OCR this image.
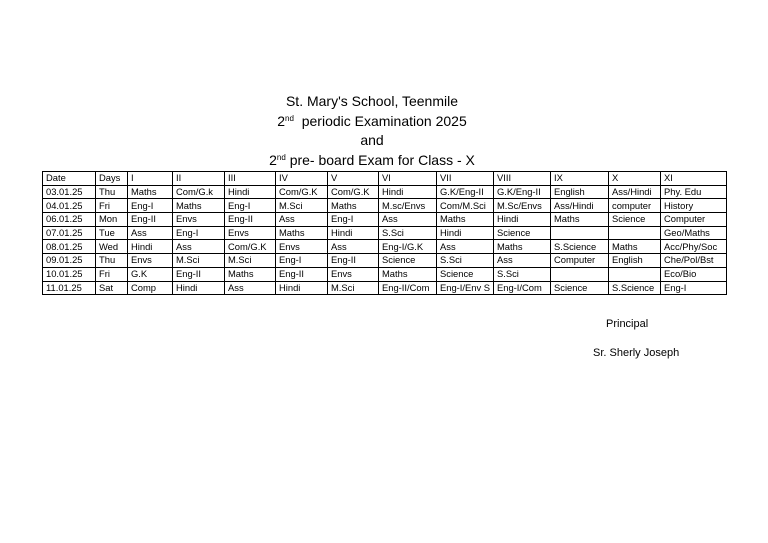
St. Mary's School, Teenmile
2nd  periodic Examination 2025
and
2nd pre- board Exam for Class - X
Date	Days	I	II	III	IV	V	VI	VII	VIII	IX	X	XI
03.01.25	Thu	Maths	Com/G.k	Hindi	Com/G.K	Com/G.K	Hindi	G.K/Eng-II	G.K/Eng-II	English	Ass/Hindi	Phy. Edu
04.01.25	Fri	Eng-I	Maths	Eng-I	M.Sci	Maths	M.sc/Envs	Com/M.Sci	M.Sc/Envs	Ass/Hindi	computer	History
06.01.25	Mon	Eng-II	Envs	Eng-II	Ass	Eng-I	Ass	Maths	Hindi	Maths	Science	Computer
07.01.25	Tue	Ass	Eng-I	Envs	Maths	Hindi	S.Sci	Hindi	Science			Geo/Maths
08.01.25	Wed	Hindi	Ass	Com/G.K	Envs	Ass	Eng-I/G.K	Ass	Maths	S.Science	Maths	Acc/Phy/Soc
09.01.25	Thu	Envs	M.Sci	M.Sci	Eng-I	Eng-II	Science	S.Sci	Ass	Computer	English	Che/Pol/Bst
10.01.25	Fri	G.K	Eng-II	Maths	Eng-II	Envs	Maths	Science	S.Sci			Eco/Bio
11.01.25	Sat	Comp	Hindi	Ass	Hindi	M.Sci	Eng-II/Com	Eng-I/Env S	Eng-I/Com	Science	S.Science	Eng-I
Principal
Sr. Sherly Joseph
